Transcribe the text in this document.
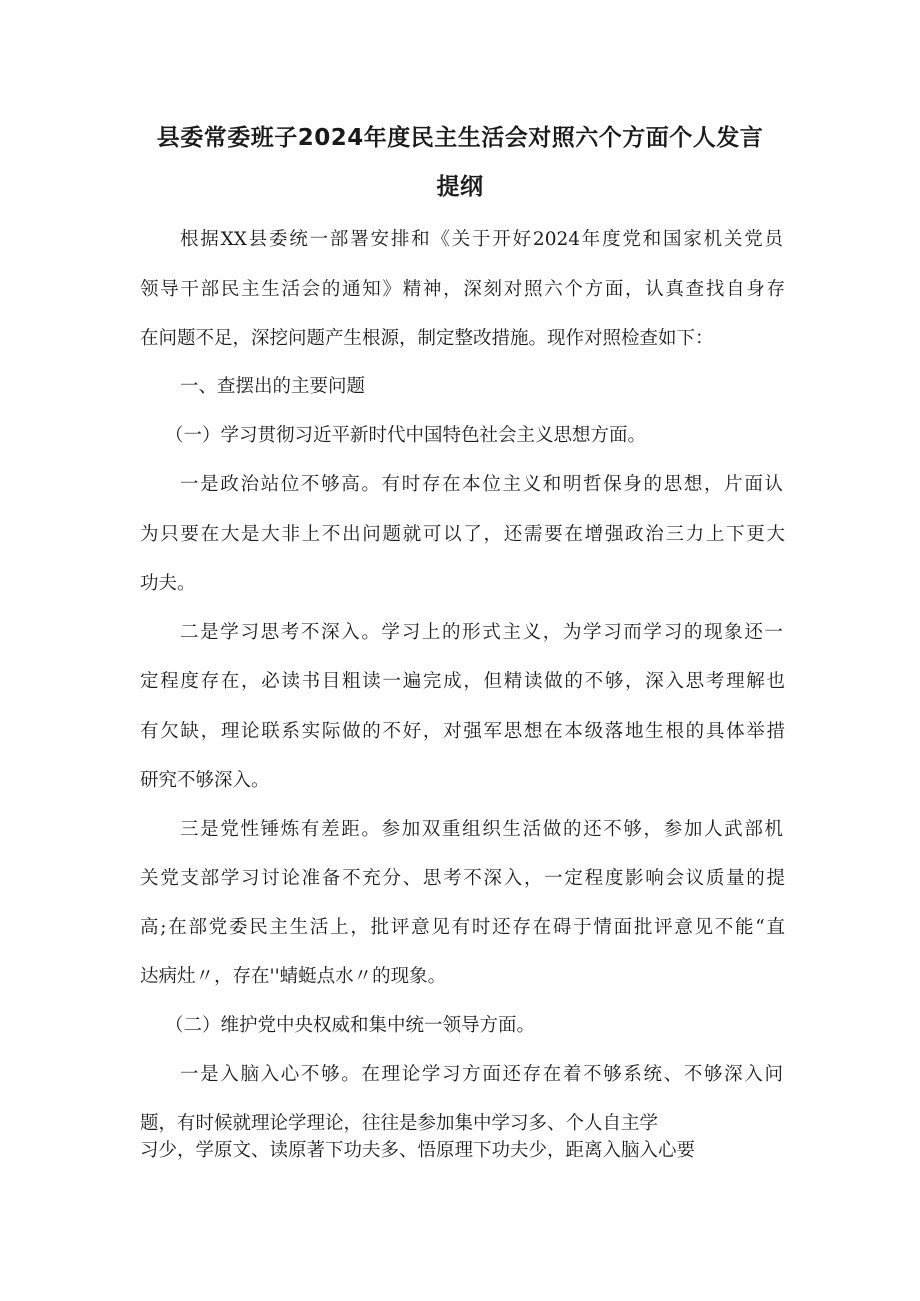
县委常委班子2024年度民主生活会对照六个方面个人发言
提纲
根据XX县委统一部署安排和《关于开好2024年度党和国家机关党员
领导干部民主生活会的通知》精神，深刻对照六个方面，认真查找自身存
在问题不足，深挖问题产生根源，制定整改措施。现作对照检查如下：
一、查摆出的主要问题
（一）学习贯彻习近平新时代中国特色社会主义思想方面。
一是政治站位不够高。有时存在本位主义和明哲保身的思想，片面认
为只要在大是大非上不出问题就可以了，还需要在增强政治三力上下更大
功夫。
二是学习思考不深入。学习上的形式主义，为学习而学习的现象还一
定程度存在，必读书目粗读一遍完成，但精读做的不够，深入思考理解也
有欠缺，理论联系实际做的不好，对强军思想在本级落地生根的具体举措
研究不够深入。
三是党性锤炼有差距。参加双重组织生活做的还不够，参加人武部机
关党支部学习讨论准备不充分、思考不深入，一定程度影响会议质量的提
高;在部党委民主生活上，批评意见有时还存在碍于情面批评意见不能“直
达病灶〃，存在''蜻蜓点水〃的现象。
（二）维护党中央权威和集中统一领导方面。
一是入脑入心不够。在理论学习方面还存在着不够系统、不够深入问
题，有时候就理论学理论，往往是参加集中学习多、个人自主学
习少，学原文、读原著下功夫多、悟原理下功夫少，距离入脑入心要
